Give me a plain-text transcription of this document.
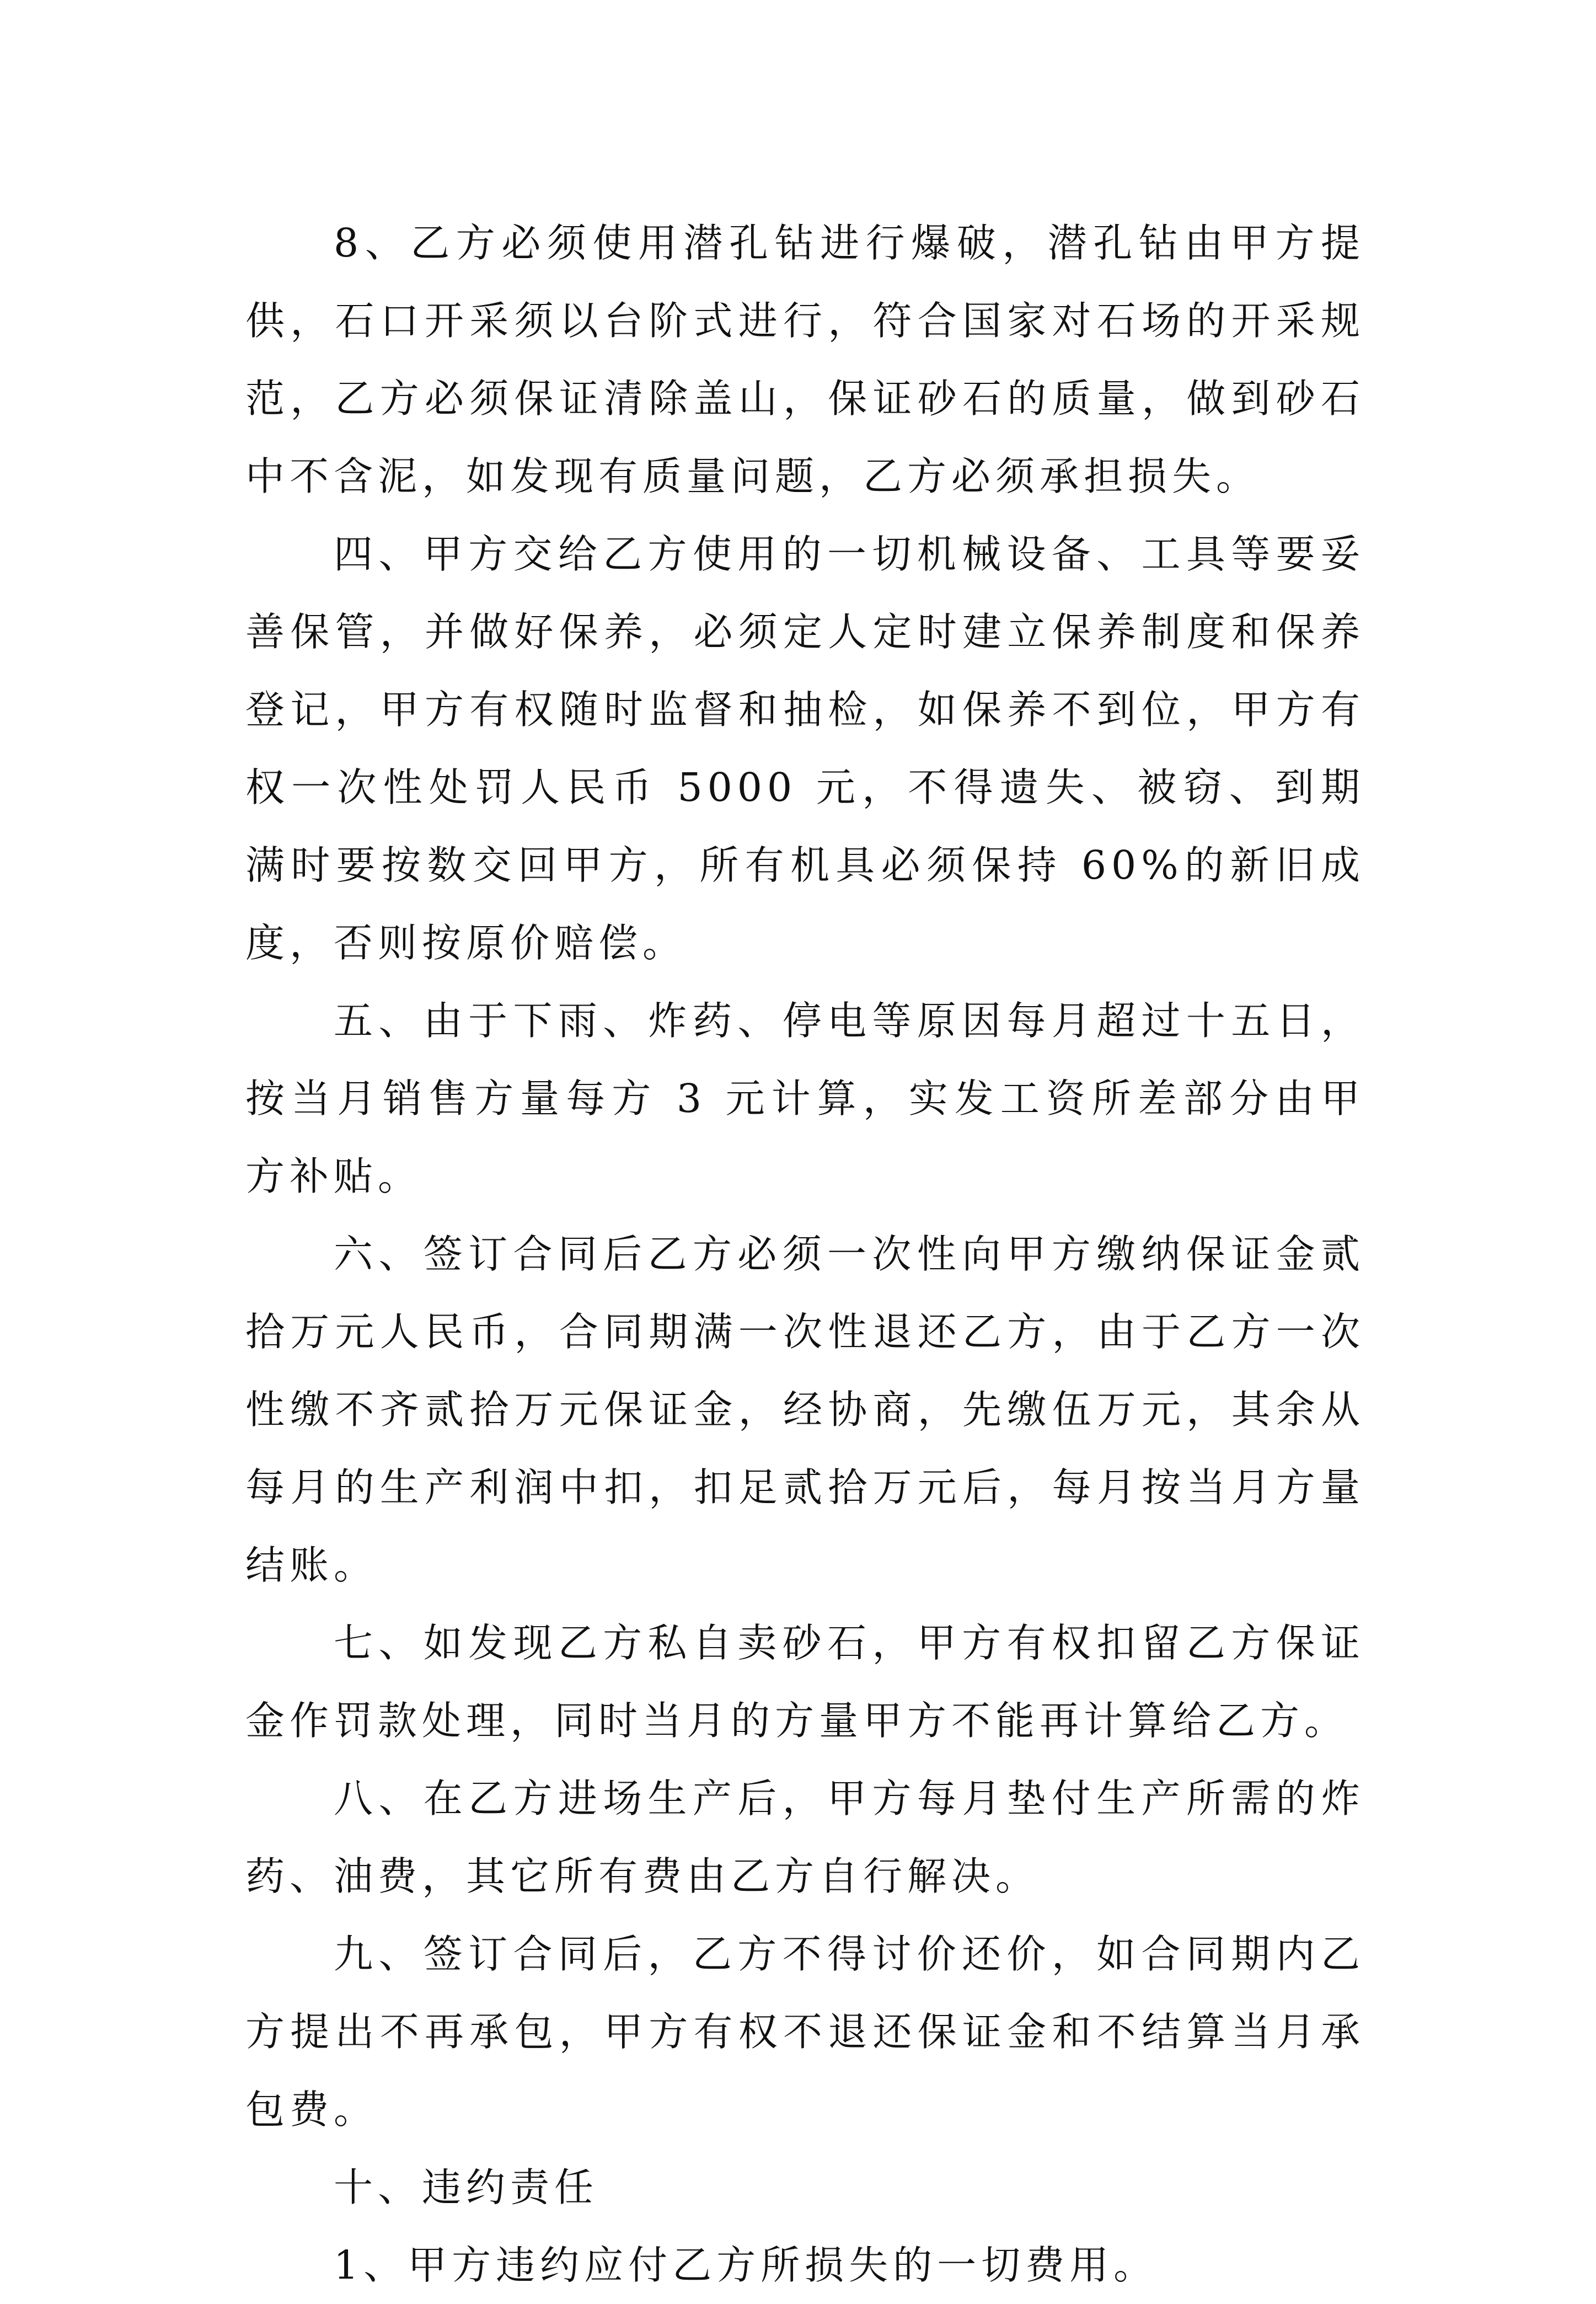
8、乙方必须使用潜孔钻进行爆破，潜孔钻由甲方提供，石口开采须以台阶式进行，符合国家对石场的开采规范，乙方必须保证清除盖山，保证砂石的质量，做到砂石中不含泥，如发现有质量问题，乙方必须承担损失。

四、甲方交给乙方使用的一切机械设备、工具等要妥善保管，并做好保养，必须定人定时建立保养制度和保养登记，甲方有权随时监督和抽检，如保养不到位，甲方有权一次性处罚人民币 5000 元，不得遗失、被窃、到期满时要按数交回甲方，所有机具必须保持 60%的新旧成度，否则按原价赔偿。

五、由于下雨、炸药、停电等原因每月超过十五日，按当月销售方量每方 3 元计算，实发工资所差部分由甲方补贴。

六、签订合同后乙方必须一次性向甲方缴纳保证金贰拾万元人民币，合同期满一次性退还乙方，由于乙方一次性缴不齐贰拾万元保证金，经协商，先缴伍万元，其余从每月的生产利润中扣，扣足贰拾万元后，每月按当月方量结账。

七、如发现乙方私自卖砂石，甲方有权扣留乙方保证金作罚款处理，同时当月的方量甲方不能再计算给乙方。

八、在乙方进场生产后，甲方每月垫付生产所需的炸药、油费，其它所有费由乙方自行解决。

九、签订合同后，乙方不得讨价还价，如合同期内乙方提出不再承包，甲方有权不退还保证金和不结算当月承包费。

十、违约责任

1、甲方违约应付乙方所损失的一切费用。
